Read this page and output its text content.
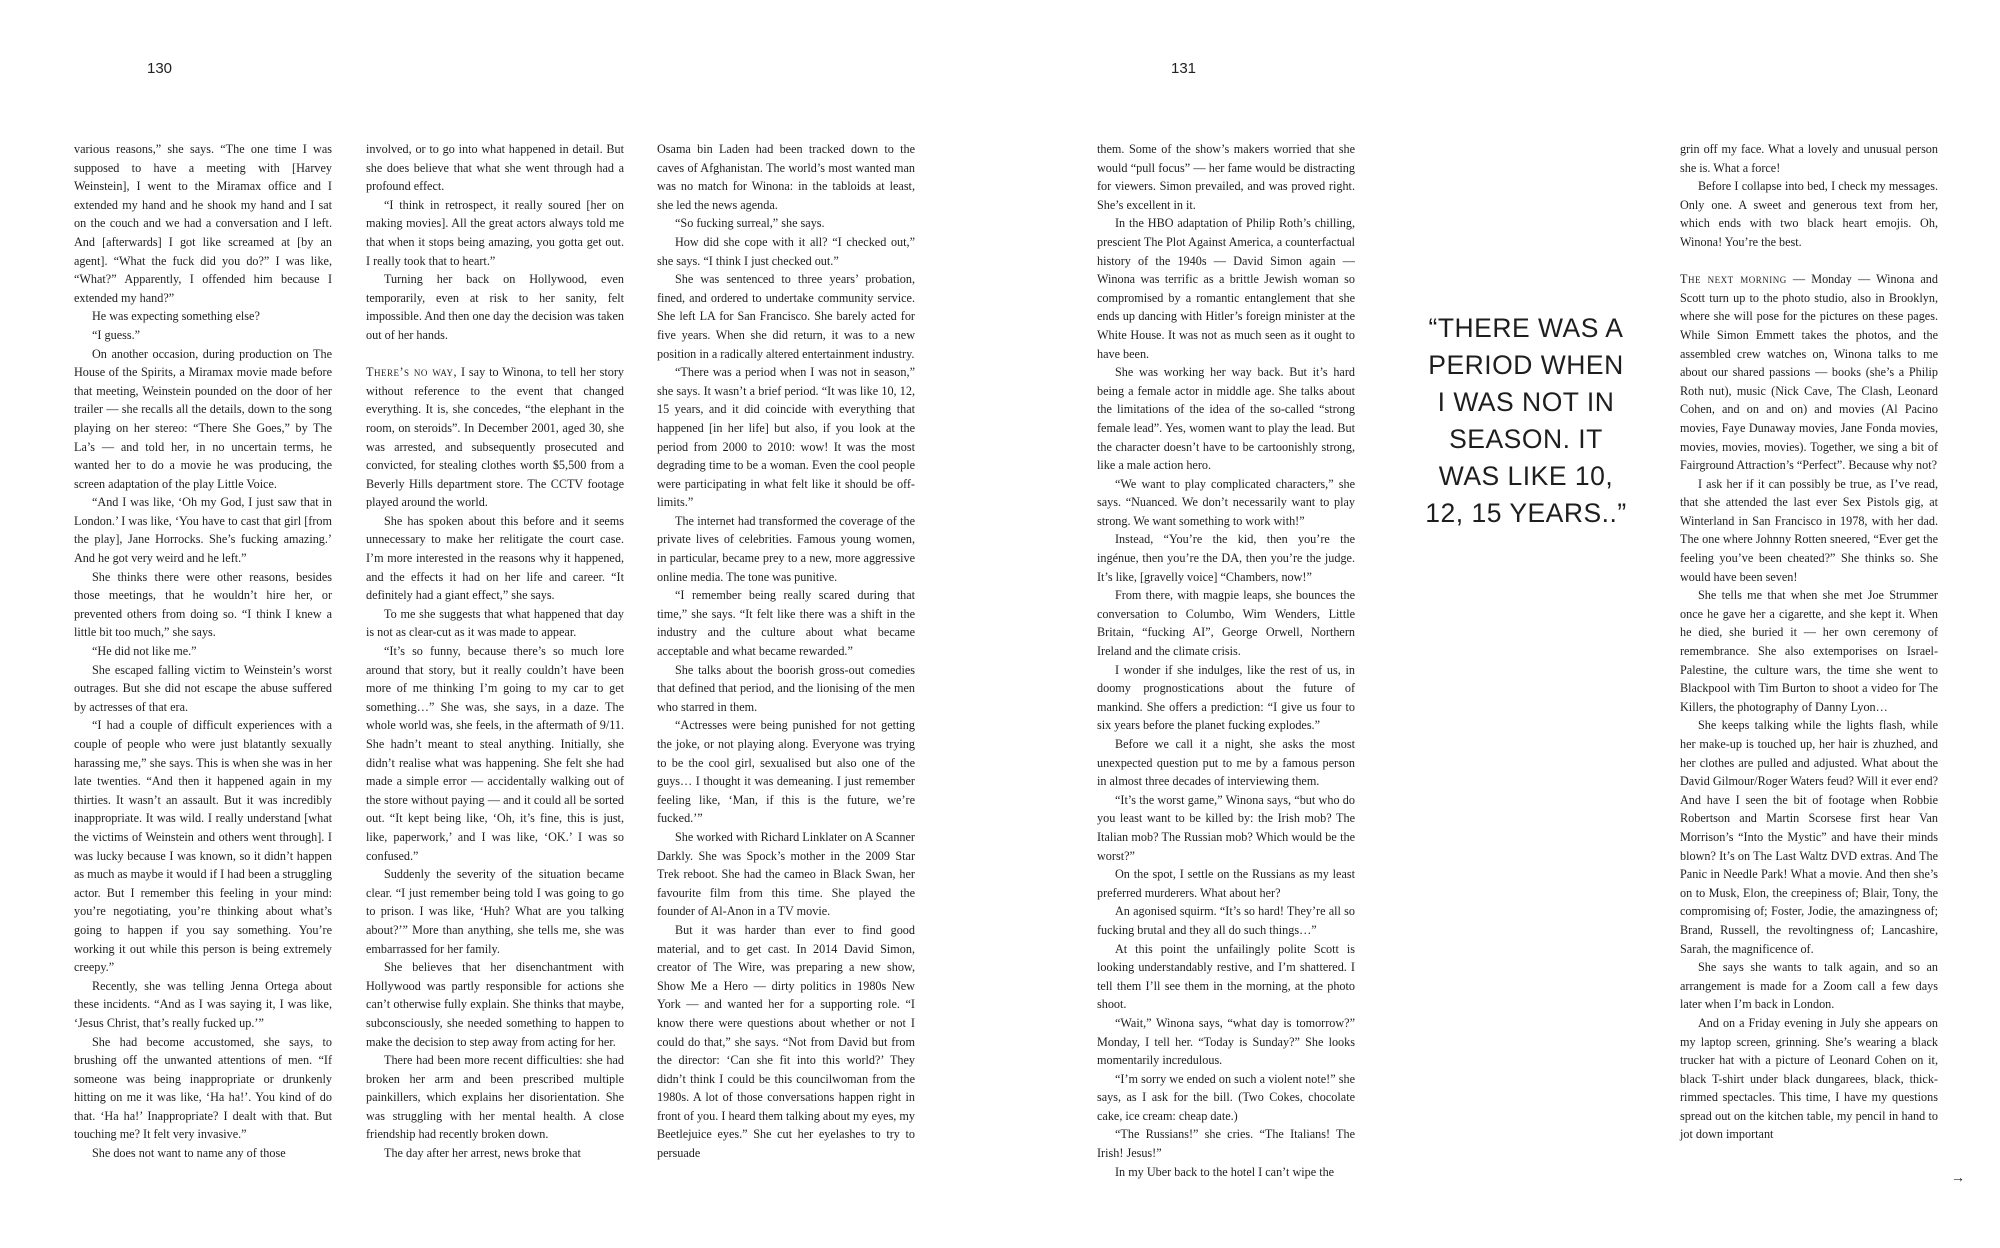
130	131

various reasons,” she says. “The one time I was supposed to have a meeting with [Harvey Weinstein], I went to the Miramax office and I extended my hand and he shook my hand and I sat on the couch and we had a conversation and I left. And [afterwards] I got like screamed at [by an agent]. “What the fuck did you do?” I was like, “What?” Apparently, I offended him because I extended my hand?”

He was expecting something else?

“I guess.”

On another occasion, during production on The House of the Spirits, a Miramax movie made before that meeting, Weinstein pounded on the door of her trailer — she recalls all the details, down to the song playing on her stereo: “There She Goes,” by The La’s — and told her, in no uncertain terms, he wanted her to do a movie he was producing, the screen adaptation of the play Little Voice.

“And I was like, ‘Oh my God, I just saw that in London.’ I was like, ‘You have to cast that girl [from the play], Jane Horrocks. She’s fucking amazing.’ And he got very weird and he left.”

She thinks there were other reasons, besides those meetings, that he wouldn’t hire her, or prevented others from doing so. “I think I knew a little bit too much,” she says.

“He did not like me.”

She escaped falling victim to Weinstein’s worst outrages. But she did not escape the abuse suffered by actresses of that era.

“I had a couple of difficult experiences with a couple of people who were just blatantly sexually harassing me,” she says. This is when she was in her late twenties. “And then it happened again in my thirties. It wasn’t an assault. But it was incredibly inappropriate. It was wild. I really understand [what the victims of Weinstein and others went through]. I was lucky because I was known, so it didn’t happen as much as maybe it would if I had been a struggling actor. But I remember this feeling in your mind: you’re negotiating, you’re thinking about what’s going to happen if you say something. You’re working it out while this person is being extremely creepy.”

Recently, she was telling Jenna Ortega about these incidents. “And as I was saying it, I was like, ‘Jesus Christ, that’s really fucked up.’”

She had become accustomed, she says, to brushing off the unwanted attentions of men. “If someone was being inappropriate or drunkenly hitting on me it was like, ‘Ha ha!’. You kind of do that. ‘Ha ha!’ Inappropriate? I dealt with that. But touching me? It felt very invasive.”

She does not want to name any of those

involved, or to go into what happened in detail. But she does believe that what she went through had a profound effect.

“I think in retrospect, it really soured [her on making movies]. All the great actors always told me that when it stops being amazing, you gotta get out. I really took that to heart.”

Turning her back on Hollywood, even temporarily, even at risk to her sanity, felt impossible. And then one day the decision was taken out of her hands.

There’s no way, I say to Winona, to tell her story without reference to the event that changed everything. It is, she concedes, “the elephant in the room, on steroids”. In December 2001, aged 30, she was arrested, and subsequently prosecuted and convicted, for stealing clothes worth $5,500 from a Beverly Hills department store. The CCTV footage played around the world.

She has spoken about this before and it seems unnecessary to make her relitigate the court case. I’m more interested in the reasons why it happened, and the effects it had on her life and career. “It definitely had a giant effect,” she says.

To me she suggests that what happened that day is not as clear-cut as it was made to appear.

“It’s so funny, because there’s so much lore around that story, but it really couldn’t have been more of me thinking I’m going to my car to get something…” She was, she says, in a daze. The whole world was, she feels, in the aftermath of 9/11. She hadn’t meant to steal anything. Initially, she didn’t realise what was happening. She felt she had made a simple error — accidentally walking out of the store without paying — and it could all be sorted out. “It kept being like, ‘Oh, it’s fine, this is just, like, paperwork,’ and I was like, ‘OK.’ I was so confused.”

Suddenly the severity of the situation became clear. “I just remember being told I was going to go to prison. I was like, ‘Huh? What are you talking about?’” More than anything, she tells me, she was embarrassed for her family.

She believes that her disenchantment with Hollywood was partly responsible for actions she can’t otherwise fully explain. She thinks that maybe, subconsciously, she needed something to happen to make the decision to step away from acting for her.

There had been more recent difficulties: she had broken her arm and been prescribed multiple painkillers, which explains her disorientation. She was struggling with her mental health. A close friendship had recently broken down.

The day after her arrest, news broke that

Osama bin Laden had been tracked down to the caves of Afghanistan. The world’s most wanted man was no match for Winona: in the tabloids at least, she led the news agenda.

“So fucking surreal,” she says.

How did she cope with it all? “I checked out,” she says. “I think I just checked out.”

She was sentenced to three years’ probation, fined, and ordered to undertake community service. She left LA for San Francisco. She barely acted for five years. When she did return, it was to a new position in a radically altered entertainment industry.

“There was a period when I was not in season,” she says. It wasn’t a brief period. “It was like 10, 12, 15 years, and it did coincide with everything that happened [in her life] but also, if you look at the period from 2000 to 2010: wow! It was the most degrading time to be a woman. Even the cool people were participating in what felt like it should be off-limits.”

The internet had transformed the coverage of the private lives of celebrities. Famous young women, in particular, became prey to a new, more aggressive online media. The tone was punitive.

“I remember being really scared during that time,” she says. “It felt like there was a shift in the industry and the culture about what became acceptable and what became rewarded.”

She talks about the boorish gross-out comedies that defined that period, and the lionising of the men who starred in them.

“Actresses were being punished for not getting the joke, or not playing along. Everyone was trying to be the cool girl, sexualised but also one of the guys… I thought it was demeaning. I just remember feeling like, ‘Man, if this is the future, we’re fucked.’”

She worked with Richard Linklater on A Scanner Darkly. She was Spock’s mother in the 2009 Star Trek reboot. She had the cameo in Black Swan, her favourite film from this time. She played the founder of Al-Anon in a TV movie.

But it was harder than ever to find good material, and to get cast. In 2014 David Simon, creator of The Wire, was preparing a new show, Show Me a Hero — dirty politics in 1980s New York — and wanted her for a supporting role. “I know there were questions about whether or not I could do that,” she says. “Not from David but from the director: ‘Can she fit into this world?’ They didn’t think I could be this councilwoman from the 1980s. A lot of those conversations happen right in front of you. I heard them talking about my eyes, my Beetlejuice eyes.” She cut her eyelashes to try to persuade

them. Some of the show’s makers worried that she would “pull focus” — her fame would be distracting for viewers. Simon prevailed, and was proved right. She’s excellent in it.

In the HBO adaptation of Philip Roth’s chilling, prescient The Plot Against America, a counterfactual history of the 1940s — David Simon again — Winona was terrific as a brittle Jewish woman so compromised by a romantic entanglement that she ends up dancing with Hitler’s foreign minister at the White House. It was not as much seen as it ought to have been.

She was working her way back. But it’s hard being a female actor in middle age. She talks about the limitations of the idea of the so-called “strong female lead”. Yes, women want to play the lead. But the character doesn’t have to be cartoonishly strong, like a male action hero.

“We want to play complicated characters,” she says. “Nuanced. We don’t necessarily want to play strong. We want something to work with!”

Instead, “You’re the kid, then you’re the ingénue, then you’re the DA, then you’re the judge. It’s like, [gravelly voice] “Chambers, now!”

From there, with magpie leaps, she bounces the conversation to Columbo, Wim Wenders, Little Britain, “fucking AI”, George Orwell, Northern Ireland and the climate crisis.

I wonder if she indulges, like the rest of us, in doomy prognostications about the future of mankind. She offers a prediction: “I give us four to six years before the planet fucking explodes.”

Before we call it a night, she asks the most unexpected question put to me by a famous person in almost three decades of interviewing them.

“It’s the worst game,” Winona says, “but who do you least want to be killed by: the Irish mob? The Italian mob? The Russian mob? Which would be the worst?”

On the spot, I settle on the Russians as my least preferred murderers. What about her?

An agonised squirm. “It’s so hard! They’re all so fucking brutal and they all do such things…”

At this point the unfailingly polite Scott is looking understandably restive, and I’m shattered. I tell them I’ll see them in the morning, at the photo shoot.

“Wait,” Winona says, “what day is tomorrow?” Monday, I tell her. “Today is Sunday?” She looks momentarily incredulous.

“I’m sorry we ended on such a violent note!” she says, as I ask for the bill. (Two Cokes, chocolate cake, ice cream: cheap date.)

“The Russians!” she cries. “The Italians! The Irish! Jesus!”

In my Uber back to the hotel I can’t wipe the

grin off my face. What a lovely and unusual person she is. What a force!

Before I collapse into bed, I check my messages. Only one. A sweet and generous text from her, which ends with two black heart emojis. Oh, Winona! You’re the best.

The next morning — Monday — Winona and Scott turn up to the photo studio, also in Brooklyn, where she will pose for the pictures on these pages. While Simon Emmett takes the photos, and the assembled crew watches on, Winona talks to me about our shared passions — books (she’s a Philip Roth nut), music (Nick Cave, The Clash, Leonard Cohen, and on and on) and movies (Al Pacino movies, Faye Dunaway movies, Jane Fonda movies, movies, movies, movies). Together, we sing a bit of Fairground Attraction’s “Perfect”. Because why not?

I ask her if it can possibly be true, as I’ve read, that she attended the last ever Sex Pistols gig, at Winterland in San Francisco in 1978, with her dad. The one where Johnny Rotten sneered, “Ever get the feeling you’ve been cheated?” She thinks so. She would have been seven!

She tells me that when she met Joe Strummer once he gave her a cigarette, and she kept it. When he died, she buried it — her own ceremony of remembrance. She also extemporises on Israel-Palestine, the culture wars, the time she went to Blackpool with Tim Burton to shoot a video for The Killers, the photography of Danny Lyon…

She keeps talking while the lights flash, while her make-up is touched up, her hair is zhuzhed, and her clothes are pulled and adjusted. What about the David Gilmour/Roger Waters feud? Will it ever end? And have I seen the bit of footage when Robbie Robertson and Martin Scorsese first hear Van Morrison’s “Into the Mystic” and have their minds blown? It’s on The Last Waltz DVD extras. And The Panic in Needle Park! What a movie. And then she’s on to Musk, Elon, the creepiness of; Blair, Tony, the compromising of; Foster, Jodie, the amazingness of; Brand, Russell, the revoltingness of; Lancashire, Sarah, the magnificence of.

She says she wants to talk again, and so an arrangement is made for a Zoom call a few days later when I’m back in London.

And on a Friday evening in July she appears on my laptop screen, grinning. She’s wearing a black trucker hat with a picture of Leonard Cohen on it, black T-shirt under black dungarees, black, thick-rimmed spectacles. This time, I have my questions spread out on the kitchen table, my pencil in hand to jot down important

“THERE WAS A PERIOD WHEN I WAS NOT IN SEASON. IT WAS LIKE 10, 12, 15 YEARS..”
→
